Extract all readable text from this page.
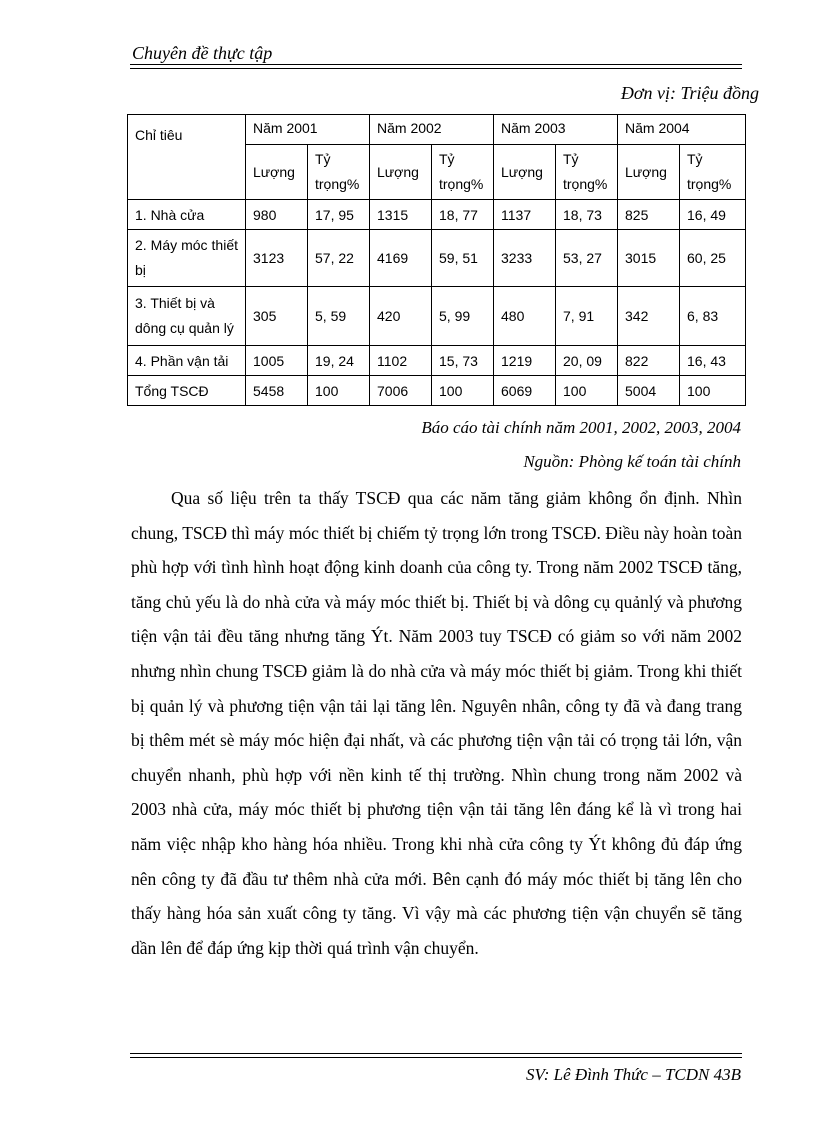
Chuyên đề thực tập
Đơn vị: Triệu đồng
Chỉ tiêu	Năm 2001		Năm 2002		Năm 2003		Năm 2004	
	Lượng	Tỷ trọng%	Lượng	Tỷ trọng%	Lượng	Tỷ trọng%	Lượng	Tỷ trọng%
1. Nhà cửa	980	17, 95	1315	18, 77	1137	18, 73	825	16, 49
2. Máy móc thiết bị	3123	57, 22	4169	59, 51	3233	53, 27	3015	60, 25
3. Thiết bị và dông cụ quản lý	305	5, 59	420	5, 99	480	7, 91	342	6, 83
4. Phần vận tải	1005	19, 24	1102	15, 73	1219	20, 09	822	16, 43
Tổng TSCĐ	5458	100	7006	100	6069	100	5004	100
Báo cáo tài chính năm 2001, 2002, 2003, 2004
Nguồn: Phòng kế toán tài chính

Qua số liệu trên ta thấy TSCĐ qua các năm tăng giảm không ổn định. Nhìn chung, TSCĐ thì máy móc thiết bị chiếm tỷ trọng lớn trong TSCĐ. Điều này hoàn toàn phù hợp với tình hình hoạt động kinh doanh của công ty. Trong năm 2002 TSCĐ tăng, tăng chủ yếu là do nhà cửa và máy móc thiết bị. Thiết bị và dông cụ quảnlý và phương tiện vận tải đều tăng nhưng tăng Ýt. Năm 2003 tuy TSCĐ có giảm so với năm 2002 nhưng nhìn chung TSCĐ giảm là do nhà cửa và máy móc thiết bị giảm. Trong khi thiết bị quản lý và phương tiện vận tải lại tăng lên. Nguyên nhân, công ty đã và đang trang bị thêm mét sè máy móc hiện đại nhất, và các phương tiện vận tải có trọng tải lớn, vận chuyển nhanh, phù hợp với nền kinh tế thị trường. Nhìn chung trong năm 2002 và 2003 nhà cửa, máy móc thiết bị phương tiện vận tải tăng lên đáng kể là vì trong hai năm việc nhập kho hàng hóa nhiều. Trong khi nhà cửa công ty Ýt không đủ đáp ứng nên công ty đã đầu tư thêm nhà cửa mới. Bên cạnh đó máy móc thiết bị tăng lên cho thấy hàng hóa sản xuất công ty tăng. Vì vậy mà các phương tiện vận chuyển sẽ tăng dần lên để đáp ứng kịp thời quá trình vận chuyển.

SV: Lê Đình Thức – TCDN 43B
